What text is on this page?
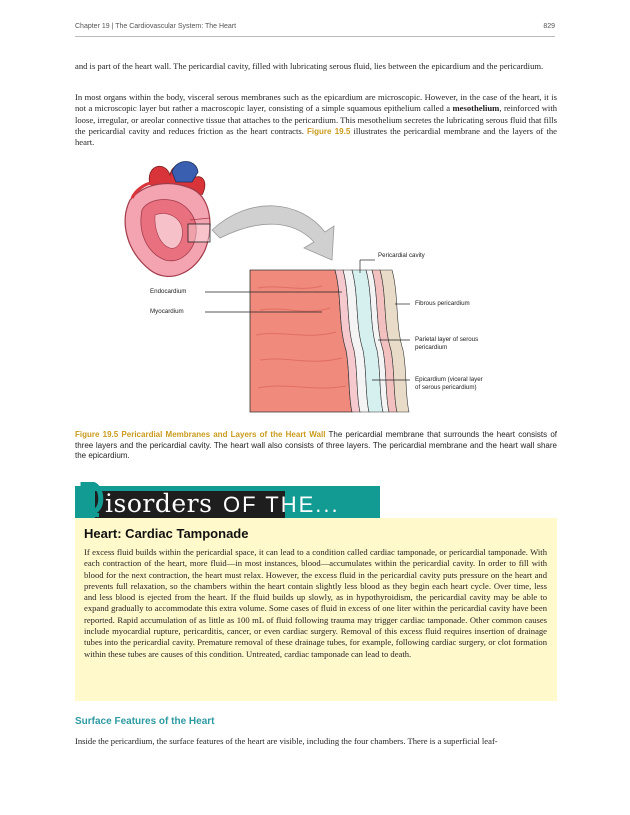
Chapter 19 | The Cardiovascular System: The Heart	829

and is part of the heart wall. The pericardial cavity, filled with lubricating serous fluid, lies between the epicardium and the pericardium.

In most organs within the body, visceral serous membranes such as the epicardium are microscopic. However, in the case of the heart, it is not a microscopic layer but rather a macroscopic layer, consisting of a simple squamous epithelium called a mesothelium, reinforced with loose, irregular, or areolar connective tissue that attaches to the pericardium. This mesothelium secretes the lubricating serous fluid that fills the pericardial cavity and reduces friction as the heart contracts. Figure 19.5 illustrates the pericardial membrane and the layers of the heart.

Pericardial cavity
Endocardium
Myocardium
Fibrous pericardium
Parietal layer of serous
pericardium
Epicardium (viceral layer
of serous pericardium)

Figure 19.5 Pericardial Membranes and Layers of the Heart Wall The pericardial membrane that surrounds the heart consists of three layers and the pericardial cavity. The heart wall also consists of three layers. The pericardial membrane and the heart wall share the epicardium.

isorders OF THE...
Heart: Cardiac Tamponade

If excess fluid builds within the pericardial space, it can lead to a condition called cardiac tamponade, or pericardial tamponade. With each contraction of the heart, more fluid—in most instances, blood—accumulates within the pericardial cavity. In order to fill with blood for the next contraction, the heart must relax. However, the excess fluid in the pericardial cavity puts pressure on the heart and prevents full relaxation, so the chambers within the heart contain slightly less blood as they begin each heart cycle. Over time, less and less blood is ejected from the heart. If the fluid builds up slowly, as in hypothyroidism, the pericardial cavity may be able to expand gradually to accommodate this extra volume. Some cases of fluid in excess of one liter within the pericardial cavity have been reported. Rapid accumulation of as little as 100 mL of fluid following trauma may trigger cardiac tamponade. Other common causes include myocardial rupture, pericarditis, cancer, or even cardiac surgery. Removal of this excess fluid requires insertion of drainage tubes into the pericardial cavity. Premature removal of these drainage tubes, for example, following cardiac surgery, or clot formation within these tubes are causes of this condition. Untreated, cardiac tamponade can lead to death.

Surface Features of the Heart

Inside the pericardium, the surface features of the heart are visible, including the four chambers. There is a superficial leaf-
